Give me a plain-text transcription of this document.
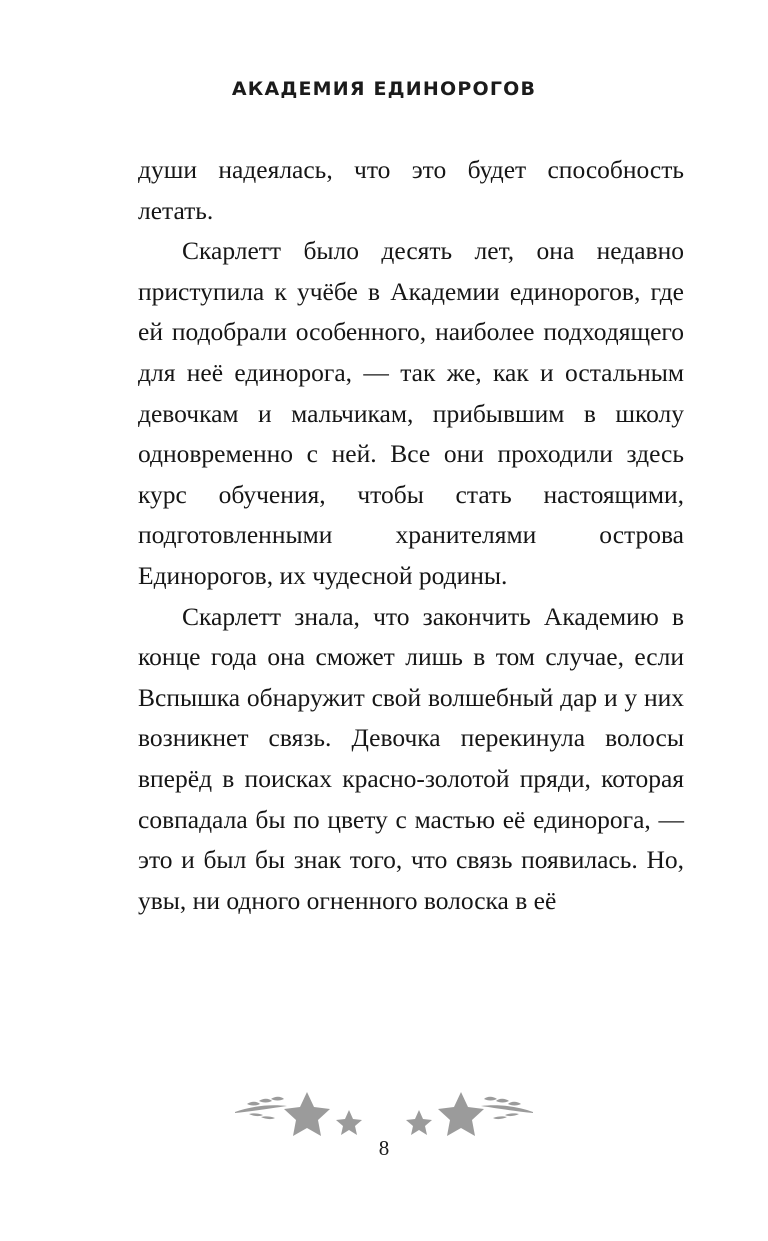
АКАДЕМИЯ ЕДИНОРОГОВ

души надеялась, что это будет способность летать.

Скарлетт было десять лет, она недавно приступила к учёбе в Академии единорогов, где ей подобрали особенного, наиболее подходящего для неё единорога, — так же, как и остальным девочкам и мальчикам, прибывшим в школу одновременно с ней. Все они проходили здесь курс обучения, чтобы стать настоящими, подготовленными хранителями острова Единорогов, их чудесной родины.

Скарлетт знала, что закончить Академию в конце года она сможет лишь в том случае, если Вспышка обнаружит свой волшебный дар и у них возникнет связь. Девочка перекинула волосы вперёд в поисках красно-золотой пряди, которая совпадала бы по цвету с мастью её единорога, — это и был бы знак того, что связь появилась. Но, увы, ни одного огненного волоска в её

8
